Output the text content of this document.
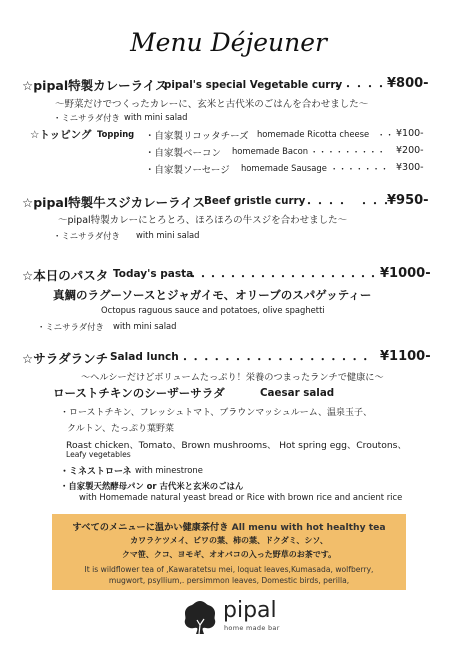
Menu Déjeuner
☆pipal特製カレーライス
pipal's special Vegetable curry
・・・・・ ¥800-
〜野菜だけでつくったカレーに、玄米と古代米のごはんを合わせました〜
・ミニサラダ付き with mini salad
☆トッピング Topping ・自家製リコッタチーズ homemade Ricotta cheese ・・ ¥100-
・自家製ベーコン homemade Bacon ・・・・・・・・・ ¥200-
・自家製ソーセージ homemade Sausage ・・・・・・・ ¥300-
☆pipal特製牛スジカレーライス
Beef gristle curry
・・・・　・・・
¥950-
〜pipal特製カレーにとろとろ、ほろほろの牛スジを合わせました〜
・ミニサラダ付き with mini salad
☆本日のパスタ Today's pasta
・・・・・・・・・・・・・・・・・・・ ¥1000-
真鯛のラグーソースとジャガイモ、オリーブのスパゲッティー
Octopus raguous sauce and potatoes, olive spaghetti
・ミニサラダ付き with mini salad
☆サラダランチ Salad lunch ・・・・・・・・・・・・・・・・・・ ¥1100-
〜ヘルシーだけどボリュームたっぷり！栄養のつまったランチで健康に〜
ローストチキンのシーザーサラダ	Caesar salad
・ローストチキン、フレッシュトマト、ブラウンマッシュルーム、温泉玉子、
クルトン、たっぷり葉野菜
Roast chicken、Tomato、Brown mushrooms、 Hot spring egg、Croutons、
Leafy vegetables
・ミネストローネ with minestrone
・自家製天然酵母パン or 古代米と玄米のごはん
with Homemade natural yeast bread or Rice with brown rice and ancient rice
すべてのメニューに温かい健康茶付き All menu with hot healthy tea
カワラケツメイ、ビワの葉、柿の葉、ドクダミ、シソ、
クマ笹、クコ、ヨモギ、オオバコの入った野草のお茶です。
It is wildflower tea of ,Kawaratetsu mei, loquat leaves,Kumasada, wolfberry,
mugwort, psyllium,. persimmon leaves, Domestic birds, perilla,
pipal
home made bar
